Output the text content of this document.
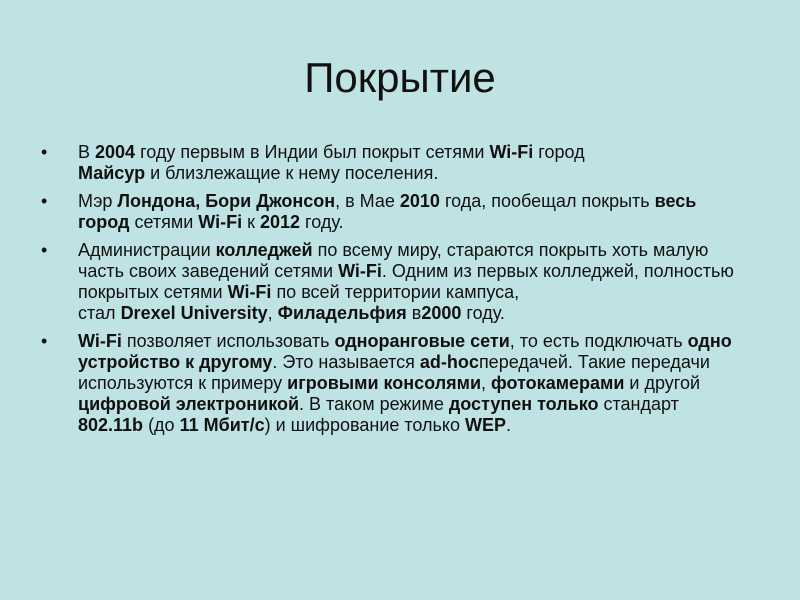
Покрытие
•	В 2004 году первым в Индии был покрыт сетями Wi-Fi город Майсур и близлежащие к нему поселения.
•	Мэр Лондона, Бори Джонсон, в Мае 2010 года, пообещал покрыть весь город сетями Wi-Fi к 2012 году.
•	Администрации колледжей по всему миру, стараются покрыть хоть малую часть своих заведений сетями Wi-Fi. Одним из первых колледжей, полностью покрытых сетями Wi-Fi по всей территории кампуса,
стал Drexel University, Филадельфия в2000 году.
•	Wi-Fi позволяет использовать одноранговые сети, то есть подключать одно устройство к другому. Это называется ad-hocпередачей. Такие передачи используются к примеру игровыми консолями, фотокамерами и другой цифровой электроникой. В таком режиме доступен только стандарт 802.11b (до 11 Мбит/с) и шифрование только WEP.
